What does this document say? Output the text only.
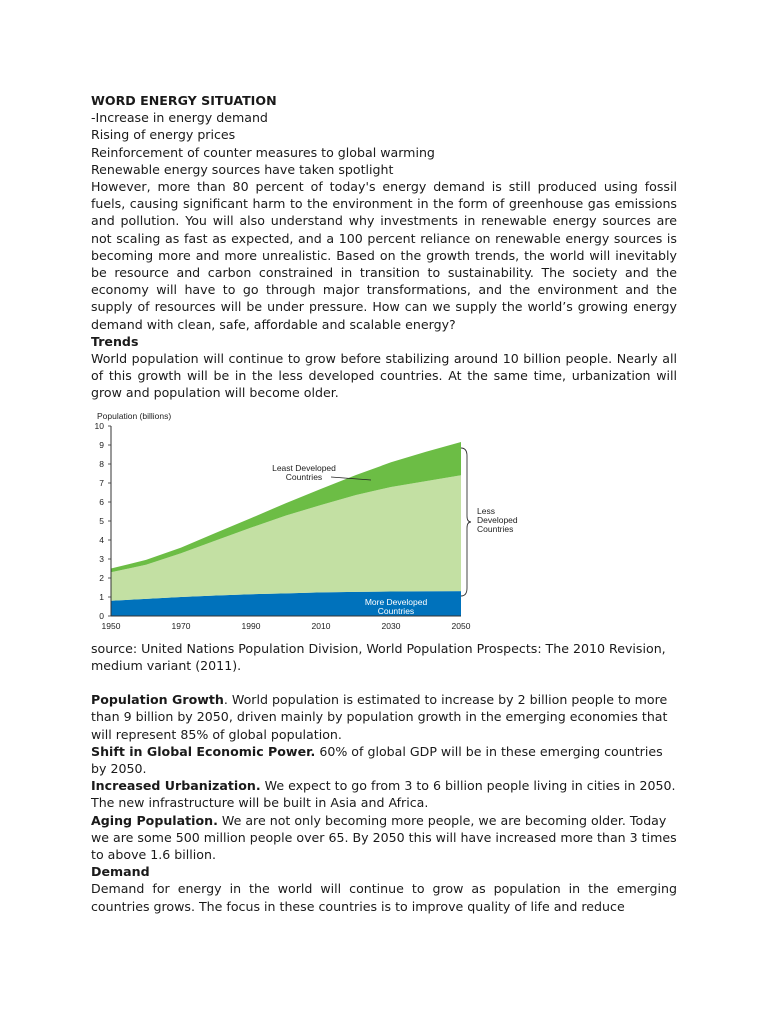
WORD ENERGY SITUATION

-Increase in energy demand

Rising of energy prices

Reinforcement of counter measures to global warming

Renewable energy sources have taken spotlight

However, more than 80 percent of today's energy demand is still produced using fossil fuels, causing significant harm to the environment in the form of greenhouse gas emissions and pollution. You will also understand why investments in renewable energy sources are not scaling as fast as expected, and a 100 percent reliance on renewable energy sources is becoming more and more unrealistic. Based on the growth trends, the world will inevitably be resource and carbon constrained in transition to sustainability. The society and the economy will have to go through major transformations, and the environment and the supply of resources will be under pressure. How can we supply the world’s growing energy demand with clean, safe, affordable and scalable energy?

Trends

World population will continue to grow before stabilizing around 10 billion people. Nearly all of this growth will be in the less developed countries. At the same time, urbanization will grow and population will become older.

Population (billions)
0
1
2
3
4
5
6
7
8
9
10
1950	1970	1990	2010	2030	2050
Least Developed
Countries
Less
Developed
Countries
More Developed
Countries

source: United Nations Population Division, World Population Prospects: The 2010 Revision, medium variant (2011).

Population Growth. World population is estimated to increase by 2 billion people to more than 9 billion by 2050, driven mainly by population growth in the emerging economies that will represent 85% of global population.

Shift in Global Economic Power. 60% of global GDP will be in these emerging countries by 2050.

Increased Urbanization. We expect to go from 3 to 6 billion people living in cities in 2050. The new infrastructure will be built in Asia and Africa.

Aging Population. We are not only becoming more people, we are becoming older. Today we are some 500 million people over 65. By 2050 this will have increased more than 3 times to above 1.6 billion.

Demand

Demand for energy in the world will continue to grow as population in the emerging countries grows. The focus in these countries is to improve quality of life and reduce
